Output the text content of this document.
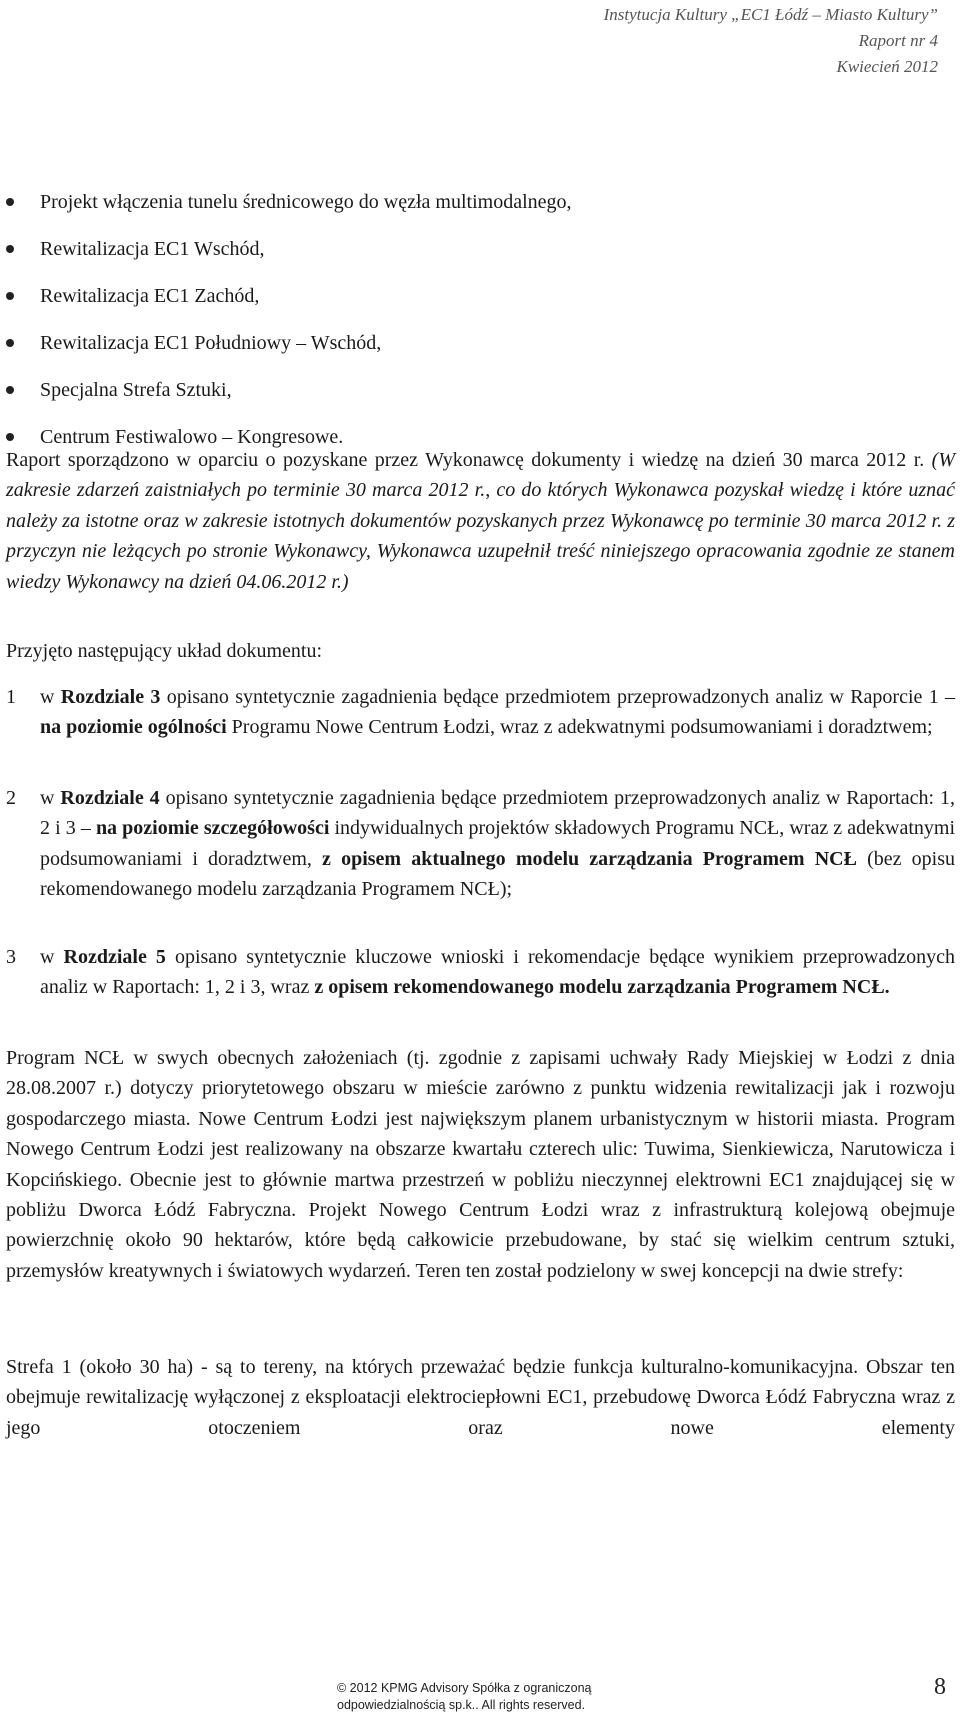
Instytucja Kultury „EC1 Łódź – Miasto Kultury”
Raport nr 4
Kwiecień 2012
Projekt włączenia tunelu średnicowego do węzła multimodalnego,
Rewitalizacja EC1 Wschód,
Rewitalizacja EC1 Zachód,
Rewitalizacja EC1 Południowy – Wschód,
Specjalna Strefa Sztuki,
Centrum Festiwalowo – Kongresowe.

Raport sporządzono w oparciu o pozyskane przez Wykonawcę dokumenty i wiedzę na dzień 30 marca 2012 r. (W zakresie zdarzeń zaistniałych po terminie 30 marca 2012 r., co do których Wykonawca pozyskał wiedzę i które uznać należy za istotne oraz w zakresie istotnych dokumentów pozyskanych przez Wykonawcę po terminie 30 marca 2012 r. z przyczyn nie leżących po stronie Wykonawcy, Wykonawca uzupełnił treść niniejszego opracowania zgodnie ze stanem wiedzy Wykonawcy na dzień 04.06.2012 r.)

Przyjęto następujący układ dokumentu:

1 w Rozdziale 3 opisano syntetycznie zagadnienia będące przedmiotem przeprowadzonych analiz w Raporcie 1 – na poziomie ogólności Programu Nowe Centrum Łodzi, wraz z adekwatnymi podsumowaniami i doradztwem;
2 w Rozdziale 4 opisano syntetycznie zagadnienia będące przedmiotem przeprowadzonych analiz w Raportach: 1, 2 i 3 – na poziomie szczegółowości indywidualnych projektów składowych Programu NCŁ, wraz z adekwatnymi podsumowaniami i doradztwem, z opisem aktualnego modelu zarządzania Programem NCŁ (bez opisu rekomendowanego modelu zarządzania Programem NCŁ);
3 w Rozdziale 5 opisano syntetycznie kluczowe wnioski i rekomendacje będące wynikiem przeprowadzonych analiz w Raportach: 1, 2 i 3, wraz z opisem rekomendowanego modelu zarządzania Programem NCŁ.

Program NCŁ w swych obecnych założeniach (tj. zgodnie z zapisami uchwały Rady Miejskiej w Łodzi z dnia 28.08.2007 r.) dotyczy priorytetowego obszaru w mieście zarówno z punktu widzenia rewitalizacji jak i rozwoju gospodarczego miasta. Nowe Centrum Łodzi jest największym planem urbanistycznym w historii miasta. Program Nowego Centrum Łodzi jest realizowany na obszarze kwartału czterech ulic: Tuwima, Sienkiewicza, Narutowicza i Kopcińskiego. Obecnie jest to głównie martwa przestrzeń w pobliżu nieczynnej elektrowni EC1 znajdującej się w pobliżu Dworca Łódź Fabryczna. Projekt Nowego Centrum Łodzi wraz z infrastrukturą kolejową obejmuje powierzchnię około 90 hektarów, które będą całkowicie przebudowane, by stać się wielkim centrum sztuki, przemysłów kreatywnych i światowych wydarzeń. Teren ten został podzielony w swej koncepcji na dwie strefy:

Strefa 1 (około 30 ha) - są to tereny, na których przeważać będzie funkcja kulturalno-komunikacyjna. Obszar ten obejmuje rewitalizację wyłączonej z eksploatacji elektrociepłowni EC1, przebudowę Dworca Łódź Fabryczna wraz z jego otoczeniem oraz nowe elementy

© 2012 KPMG Advisory Spółka z ograniczoną
odpowiedzialnością sp.k.. All rights reserved.
8
